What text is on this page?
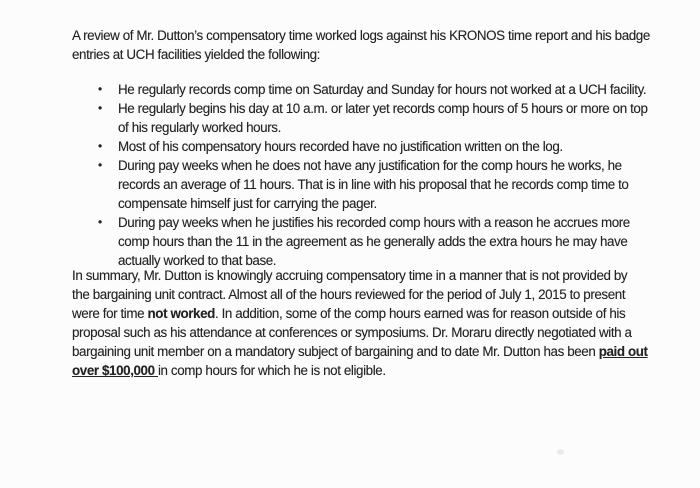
A review of Mr. Dutton’s compensatory time worked logs against his KRONOS time report and his badge
entries at UCH facilities yielded the following:
•	He regularly records comp time on Saturday and Sunday for hours not worked at a UCH facility.
•	He regularly begins his day at 10 a.m. or later yet records comp hours of 5 hours or more on top
of his regularly worked hours.
•	Most of his compensatory hours recorded have no justification written on the log.
•	During pay weeks when he does not have any justification for the comp hours he works, he
records an average of 11 hours. That is in line with his proposal that he records comp time to
compensate himself just for carrying the pager.
•	During pay weeks when he justifies his recorded comp hours with a reason he accrues more
comp hours than the 11 in the agreement as he generally adds the extra hours he may have
actually worked to that base.
In summary, Mr. Dutton is knowingly accruing compensatory time in a manner that is not provided by
the bargaining unit contract. Almost all of the hours reviewed for the period of July 1, 2015 to present
were for time not worked. In addition, some of the comp hours earned was for reason outside of his
proposal such as his attendance at conferences or symposiums. Dr. Moraru directly negotiated with a
bargaining unit member on a mandatory subject of bargaining and to date Mr. Dutton has been paid out
over $100,000 in comp hours for which he is not eligible.
